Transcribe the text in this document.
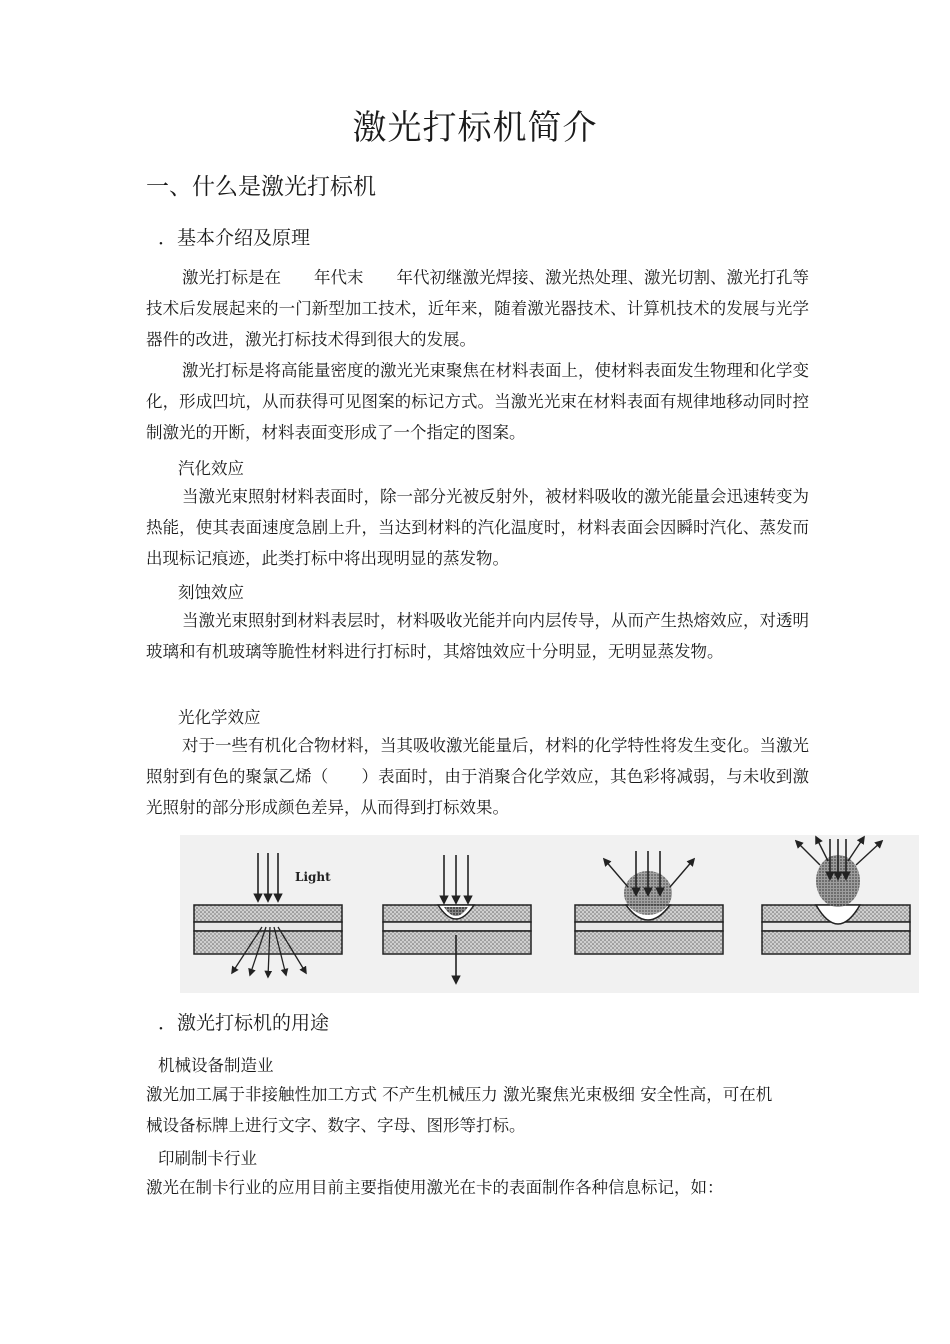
激光打标机简介
一、什么是激光打标机
．基本介绍及原理
激光打标是在　　年代末　　年代初继激光焊接、激光热处理、激光切割、激光打孔等技术后发展起来的一门新型加工技术，近年来，随着激光器技术、计算机技术的发展与光学器件的改进，激光打标技术得到很大的发展。
激光打标是将高能量密度的激光光束聚焦在材料表面上，使材料表面发生物理和化学变化，形成凹坑，从而获得可见图案的标记方式。当激光光束在材料表面有规律地移动同时控制激光的开断，材料表面变形成了一个指定的图案。
汽化效应
当激光束照射材料表面时，除一部分光被反射外，被材料吸收的激光能量会迅速转变为热能，使其表面速度急剧上升，当达到材料的汽化温度时，材料表面会因瞬时汽化、蒸发而出现标记痕迹，此类打标中将出现明显的蒸发物。
刻蚀效应
当激光束照射到材料表层时，材料吸收光能并向内层传导，从而产生热熔效应，对透明玻璃和有机玻璃等脆性材料进行打标时，其熔蚀效应十分明显，无明显蒸发物。
光化学效应
对于一些有机化合物材料，当其吸收激光能量后，材料的化学特性将发生变化。当激光照射到有色的聚氯乙烯（　　）表面时，由于消聚合化学效应，其色彩将减弱，与未收到激光照射的部分形成颜色差异，从而得到打标效果。
Light
．激光打标机的用途
机械设备制造业
激光加工属于非接触性加工方式 不产生机械压力 激光聚焦光束极细 安全性高，可在机械设备标牌上进行文字、数字、字母、图形等打标。
印刷制卡行业
激光在制卡行业的应用目前主要指使用激光在卡的表面制作各种信息标记，如：
